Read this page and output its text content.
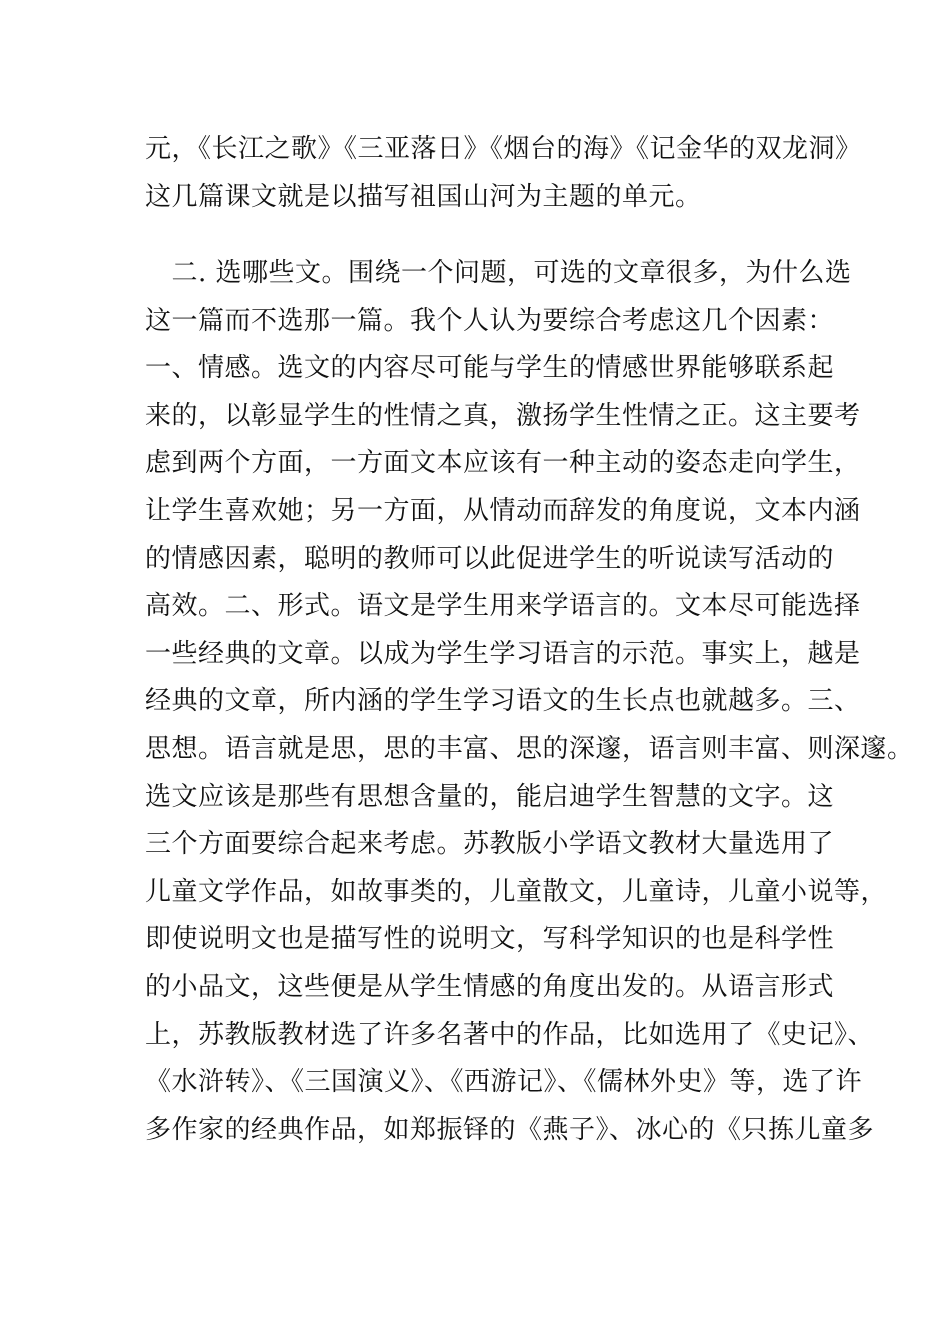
元，《长江之歌》《三亚落日》《烟台的海》《记金华的双龙洞》
这几篇课文就是以描写祖国山河为主题的单元。

　二. 选哪些文。围绕一个问题，可选的文章很多，为什么选
这一篇而不选那一篇。我个人认为要综合考虑这几个因素：
一、情感。选文的内容尽可能与学生的情感世界能够联系起
来的，以彰显学生的性情之真，激扬学生性情之正。这主要考
虑到两个方面，一方面文本应该有一种主动的姿态走向学生，
让学生喜欢她；另一方面，从情动而辞发的角度说，文本内涵
的情感因素，聪明的教师可以此促进学生的听说读写活动的
高效。二、形式。语文是学生用来学语言的。文本尽可能选择
一些经典的文章。以成为学生学习语言的示范。事实上，越是
经典的文章，所内涵的学生学习语文的生长点也就越多。三、
思想。语言就是思，思的丰富、思的深邃，语言则丰富、则深邃。
选文应该是那些有思想含量的，能启迪学生智慧的文字。这
三个方面要综合起来考虑。苏教版小学语文教材大量选用了
儿童文学作品，如故事类的，儿童散文，儿童诗，儿童小说等，
即使说明文也是描写性的说明文，写科学知识的也是科学性
的小品文，这些便是从学生情感的角度出发的。从语言形式
上，苏教版教材选了许多名著中的作品，比如选用了《史记》、
《水浒转》、《三国演义》、《西游记》、《儒林外史》等，选了许
多作家的经典作品，如郑振铎的《燕子》、冰心的《只拣儿童多
